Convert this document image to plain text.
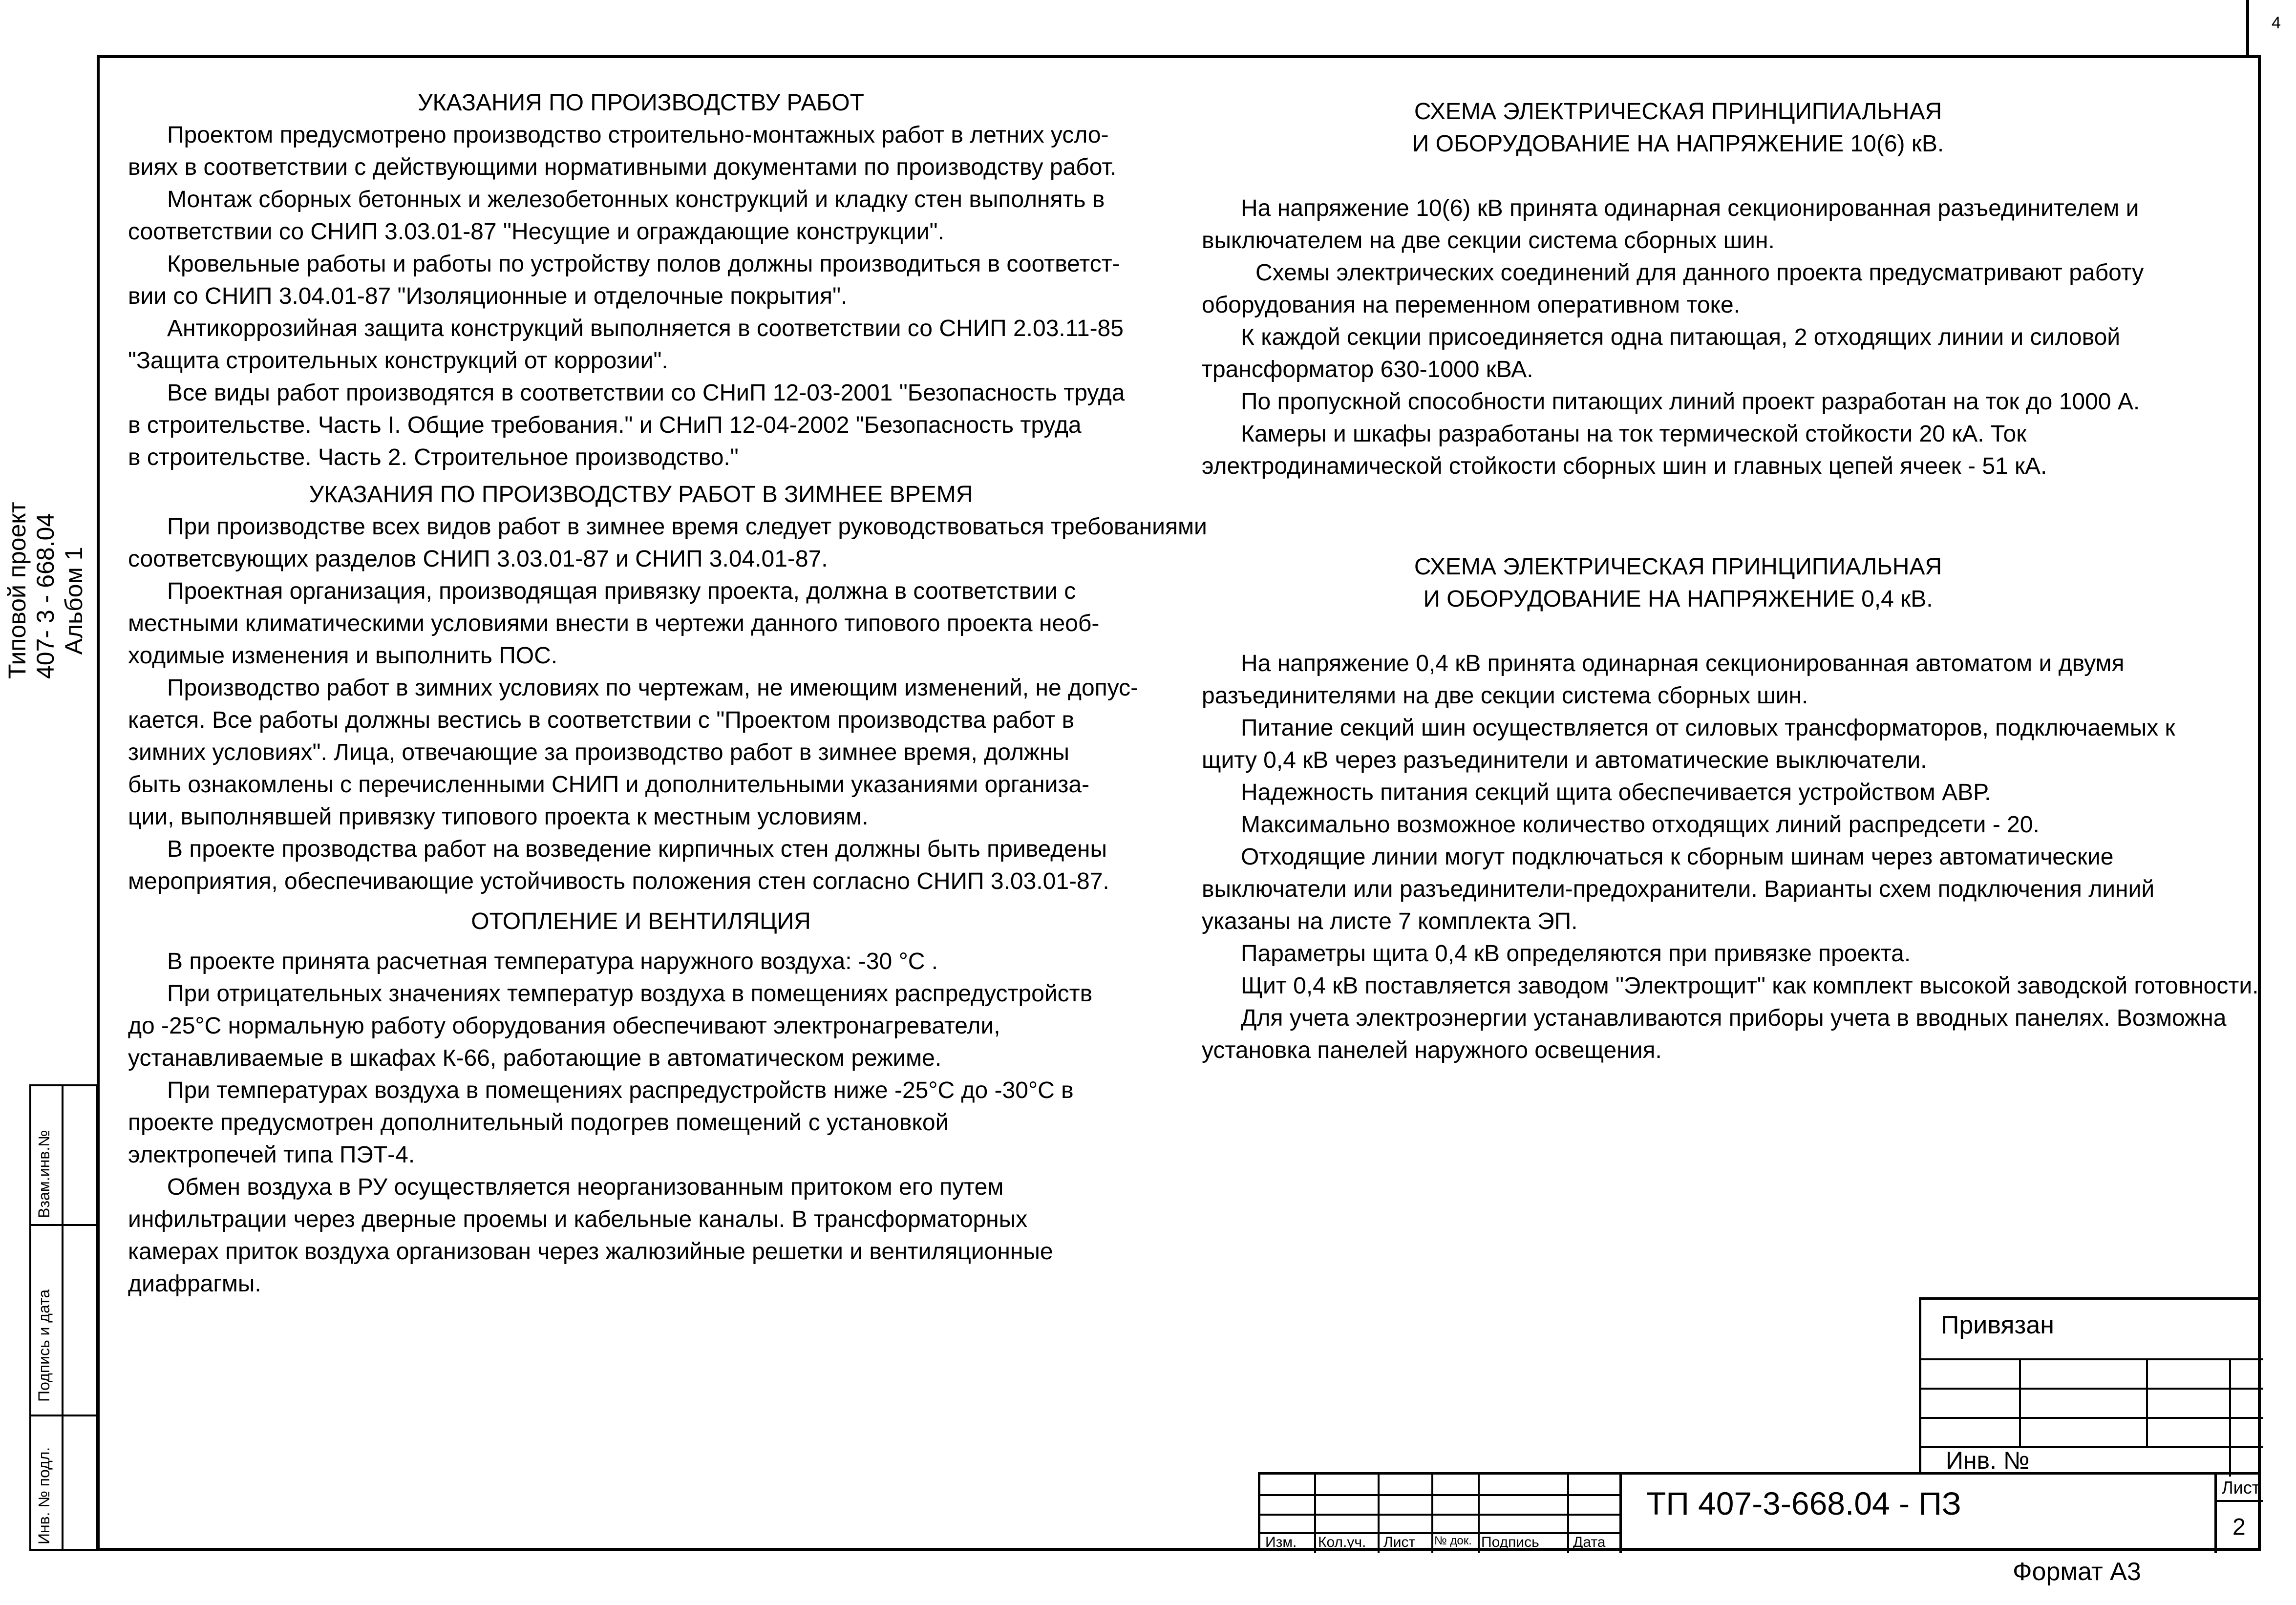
4
Типовой проект 407- 3 - 668.04 Альбом 1
Взам.инв.№
Подпись и дата
Инв. № подл.

УКАЗАНИЯ ПО ПРОИЗВОДСТВУ РАБОТ

Проектом предусмотрено производство строительно-монтажных работ в летних усло-

виях в соответствии с действующими нормативными документами по производству работ.

Монтаж сборных бетонных и железобетонных конструкций и кладку стен выполнять в

соответствии со СНИП 3.03.01-87 "Несущие и ограждающие конструкции".

Кровельные работы и работы по устройству полов должны производиться в соответст-

вии со СНИП 3.04.01-87 "Изоляционные и отделочные покрытия".

Антикоррозийная защита конструкций выполняется в соответствии со СНИП 2.03.11-85

"Защита строительных конструкций от коррозии".

Все виды работ производятся в соответствии со СНиП 12-03-2001 "Безопасность труда

в строительстве. Часть I. Общие требования." и СНиП 12-04-2002 "Безопасность труда

в строительстве. Часть 2. Строительное производство."

УКАЗАНИЯ ПО ПРОИЗВОДСТВУ РАБОТ В ЗИМНЕЕ ВРЕМЯ

При производстве всех видов работ в зимнее время следует руководствоваться требованиями

соответсвующих разделов СНИП 3.03.01-87 и СНИП 3.04.01-87.

Проектная организация, производящая привязку проекта, должна в соответствии с

местными климатическими условиями внести в чертежи данного типового проекта необ-

ходимые изменения и выполнить ПОС.

Производство работ в зимних условиях по чертежам, не имеющим изменений, не допус-

кается. Все работы должны вестись в соответствии с "Проектом производства работ в

зимних условиях". Лица, отвечающие за производство работ в зимнее время, должны

быть ознакомлены с перечисленными СНИП и дополнительными указаниями организа-

ции, выполнявшей привязку типового проекта к местным условиям.

В проекте прозводства работ на возведение кирпичных стен должны быть приведены

мероприятия, обеспечивающие устойчивость положения стен согласно СНИП 3.03.01-87.

ОТОПЛЕНИЕ И ВЕНТИЛЯЦИЯ

В проекте принята расчетная температура наружного воздуха: -30 °С .

При отрицательных значениях температур воздуха в помещениях распредустройств

до -25°С нормальную работу оборудования обеспечивают электронагреватели,

устанавливаемые в шкафах К-66, работающие в автоматическом режиме.

При температурах воздуха в помещениях распредустройств ниже -25°С до -30°С в

проекте предусмотрен дополнительный подогрев помещений с установкой

электропечей типа ПЭТ-4.

Обмен воздуха в РУ осуществляется неорганизованным притоком его путем

инфильтрации через дверные проемы и кабельные каналы. В трансформаторных

камерах приток воздуха организован через жалюзийные решетки и вентиляционные

диафрагмы.

СХЕМА ЭЛЕКТРИЧЕСКАЯ ПРИНЦИПИАЛЬНАЯ

И ОБОРУДОВАНИЕ НА НАПРЯЖЕНИЕ 10(6) кВ.

На напряжение 10(6) кВ принята одинарная секционированная разъединителем и

выключателем на две секции система сборных шин.

Схемы электрических соединений для данного проекта предусматривают работу

оборудования на переменном оперативном токе.

К каждой секции присоединяется одна питающая, 2 отходящих линии и силовой

трансформатор 630-1000 кВА.

По пропускной способности питающих линий проект разработан на ток до 1000 А.

Камеры и шкафы разработаны на ток термической стойкости 20 кА. Ток

электродинамической стойкости сборных шин и главных цепей ячеек - 51 кА.

СХЕМА ЭЛЕКТРИЧЕСКАЯ ПРИНЦИПИАЛЬНАЯ

И ОБОРУДОВАНИЕ НА НАПРЯЖЕНИЕ 0,4 кВ.

На напряжение 0,4 кВ принята одинарная секционированная автоматом и двумя

разъединителями на две секции система сборных шин.

Питание секций шин осуществляется от силовых трансформаторов, подключаемых к

щиту 0,4 кВ через разъединители и автоматические выключатели.

Надежность питания секций щита обеспечивается устройством АВР.

Максимально возможное количество отходящих линий распредсети - 20.

Отходящие линии могут подключаться к сборным шинам через автоматические

выключатели или разъединители-предохранители. Варианты схем подключения линий

указаны на листе 7 комплекта ЭП.

Параметры щита 0,4 кВ определяются при привязке проекта.

Щит 0,4 кВ поставляется заводом "Электрощит" как комплект высокой заводской готовности.

Для учета электроэнергии устанавливаются приборы учета в вводных панелях. Возможна

установка панелей наружного освещения.

Привязан
Инв. №
Изм. Кол.уч. Лист № док. Подпись Дата
Лист
2
ТП 407-3-668.04 - ПЗ
Формат А3
